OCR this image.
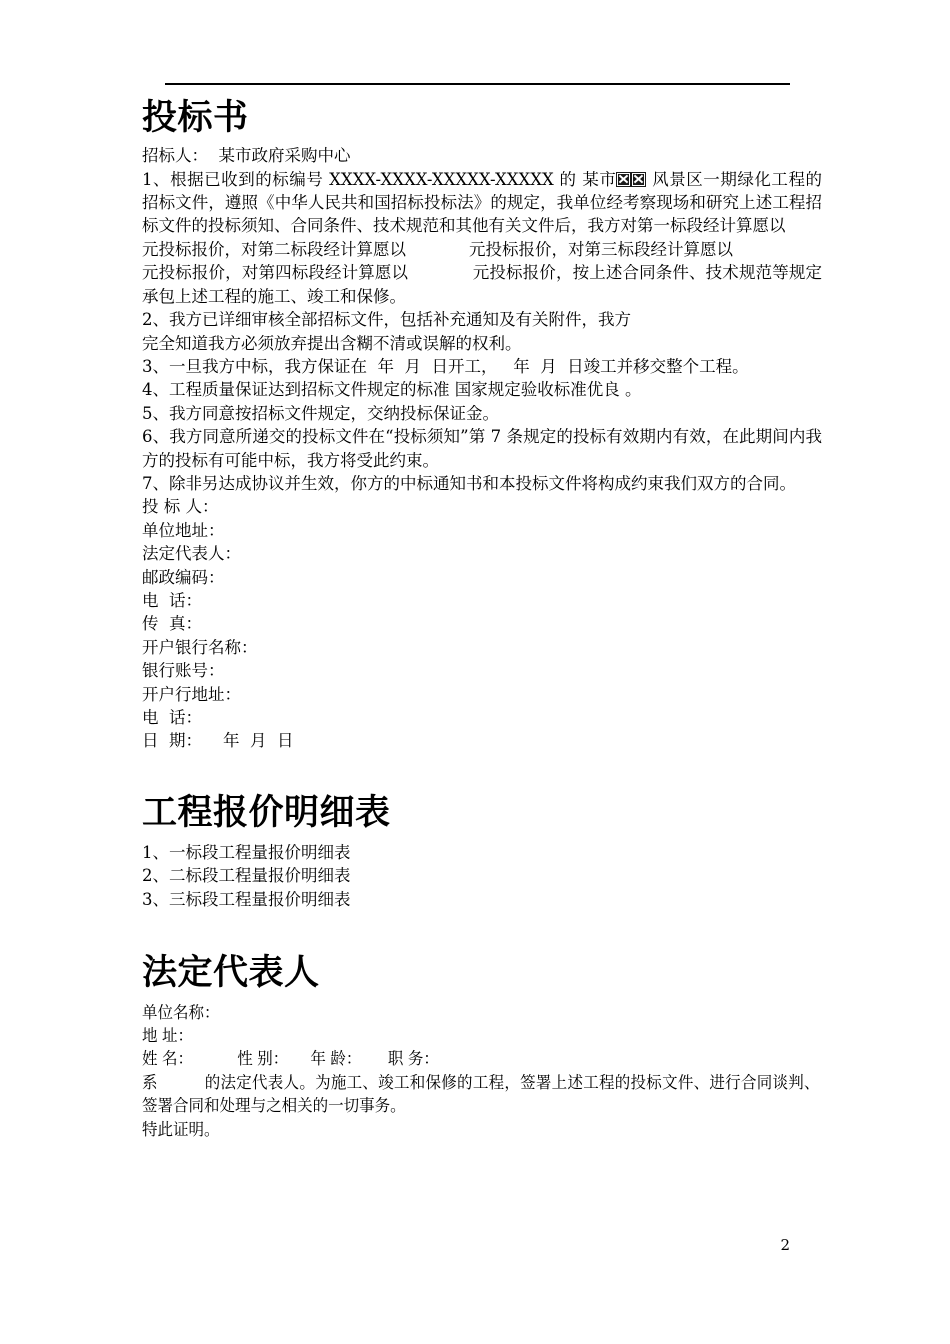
投标书

招标人：  某市政府采购中心

1、根据已收到的标编号 XXXX-XXXX-XXXXX-XXXXX 的 某市
风景区一期绿化工程的招标文件，遵照《中华人民共和国招标投标法》的规定，我单位经考察现场和研究上述工程招标文件的投标须知、合同条件、技术规范和其他有关文件后，我方对第一标段经计算愿以

元投标报价，对第二标段经计算愿以            元投标报价，对第三标段经计算愿以

元投标报价，对第四标段经计算愿以            元投标报价，按上述合同条件、技术规范等规定承包上述工程的施工、竣工和保修。

2、我方已详细审核全部招标文件，包括补充通知及有关附件，我方

完全知道我方必须放弃提出含糊不清或误解的权利。

3、一旦我方中标，我方保证在  年  月  日开工，   年  月  日竣工并移交整个工程。

4、工程质量保证达到招标文件规定的标准 国家规定验收标准优良 。

5、我方同意按招标文件规定，交纳投标保证金。

6、我方同意所递交的投标文件在“投标须知”第 7 条规定的投标有效期内有效，在此期间内我方的投标有可能中标，我方将受此约束。

7、除非另达成协议并生效，你方的中标通知书和本投标文件将构成约束我们双方的合同。

投 标 人：

单位地址：

法定代表人：

邮政编码：

电  话：

传  真：

开户银行名称：

银行账号：

开户行地址：

电  话：

日  期：    年  月  日

工程报价明细表

1、一标段工程量报价明细表

2、二标段工程量报价明细表

3、三标段工程量报价明细表

法定代表人

单位名称：

地 址：

姓 名：          性 别：     年 龄：      职 务：

系          的法定代表人。为施工、竣工和保修的工程，签署上述工程的投标文件、进行合同谈判、签署合同和处理与之相关的一切事务。

特此证明。

2
